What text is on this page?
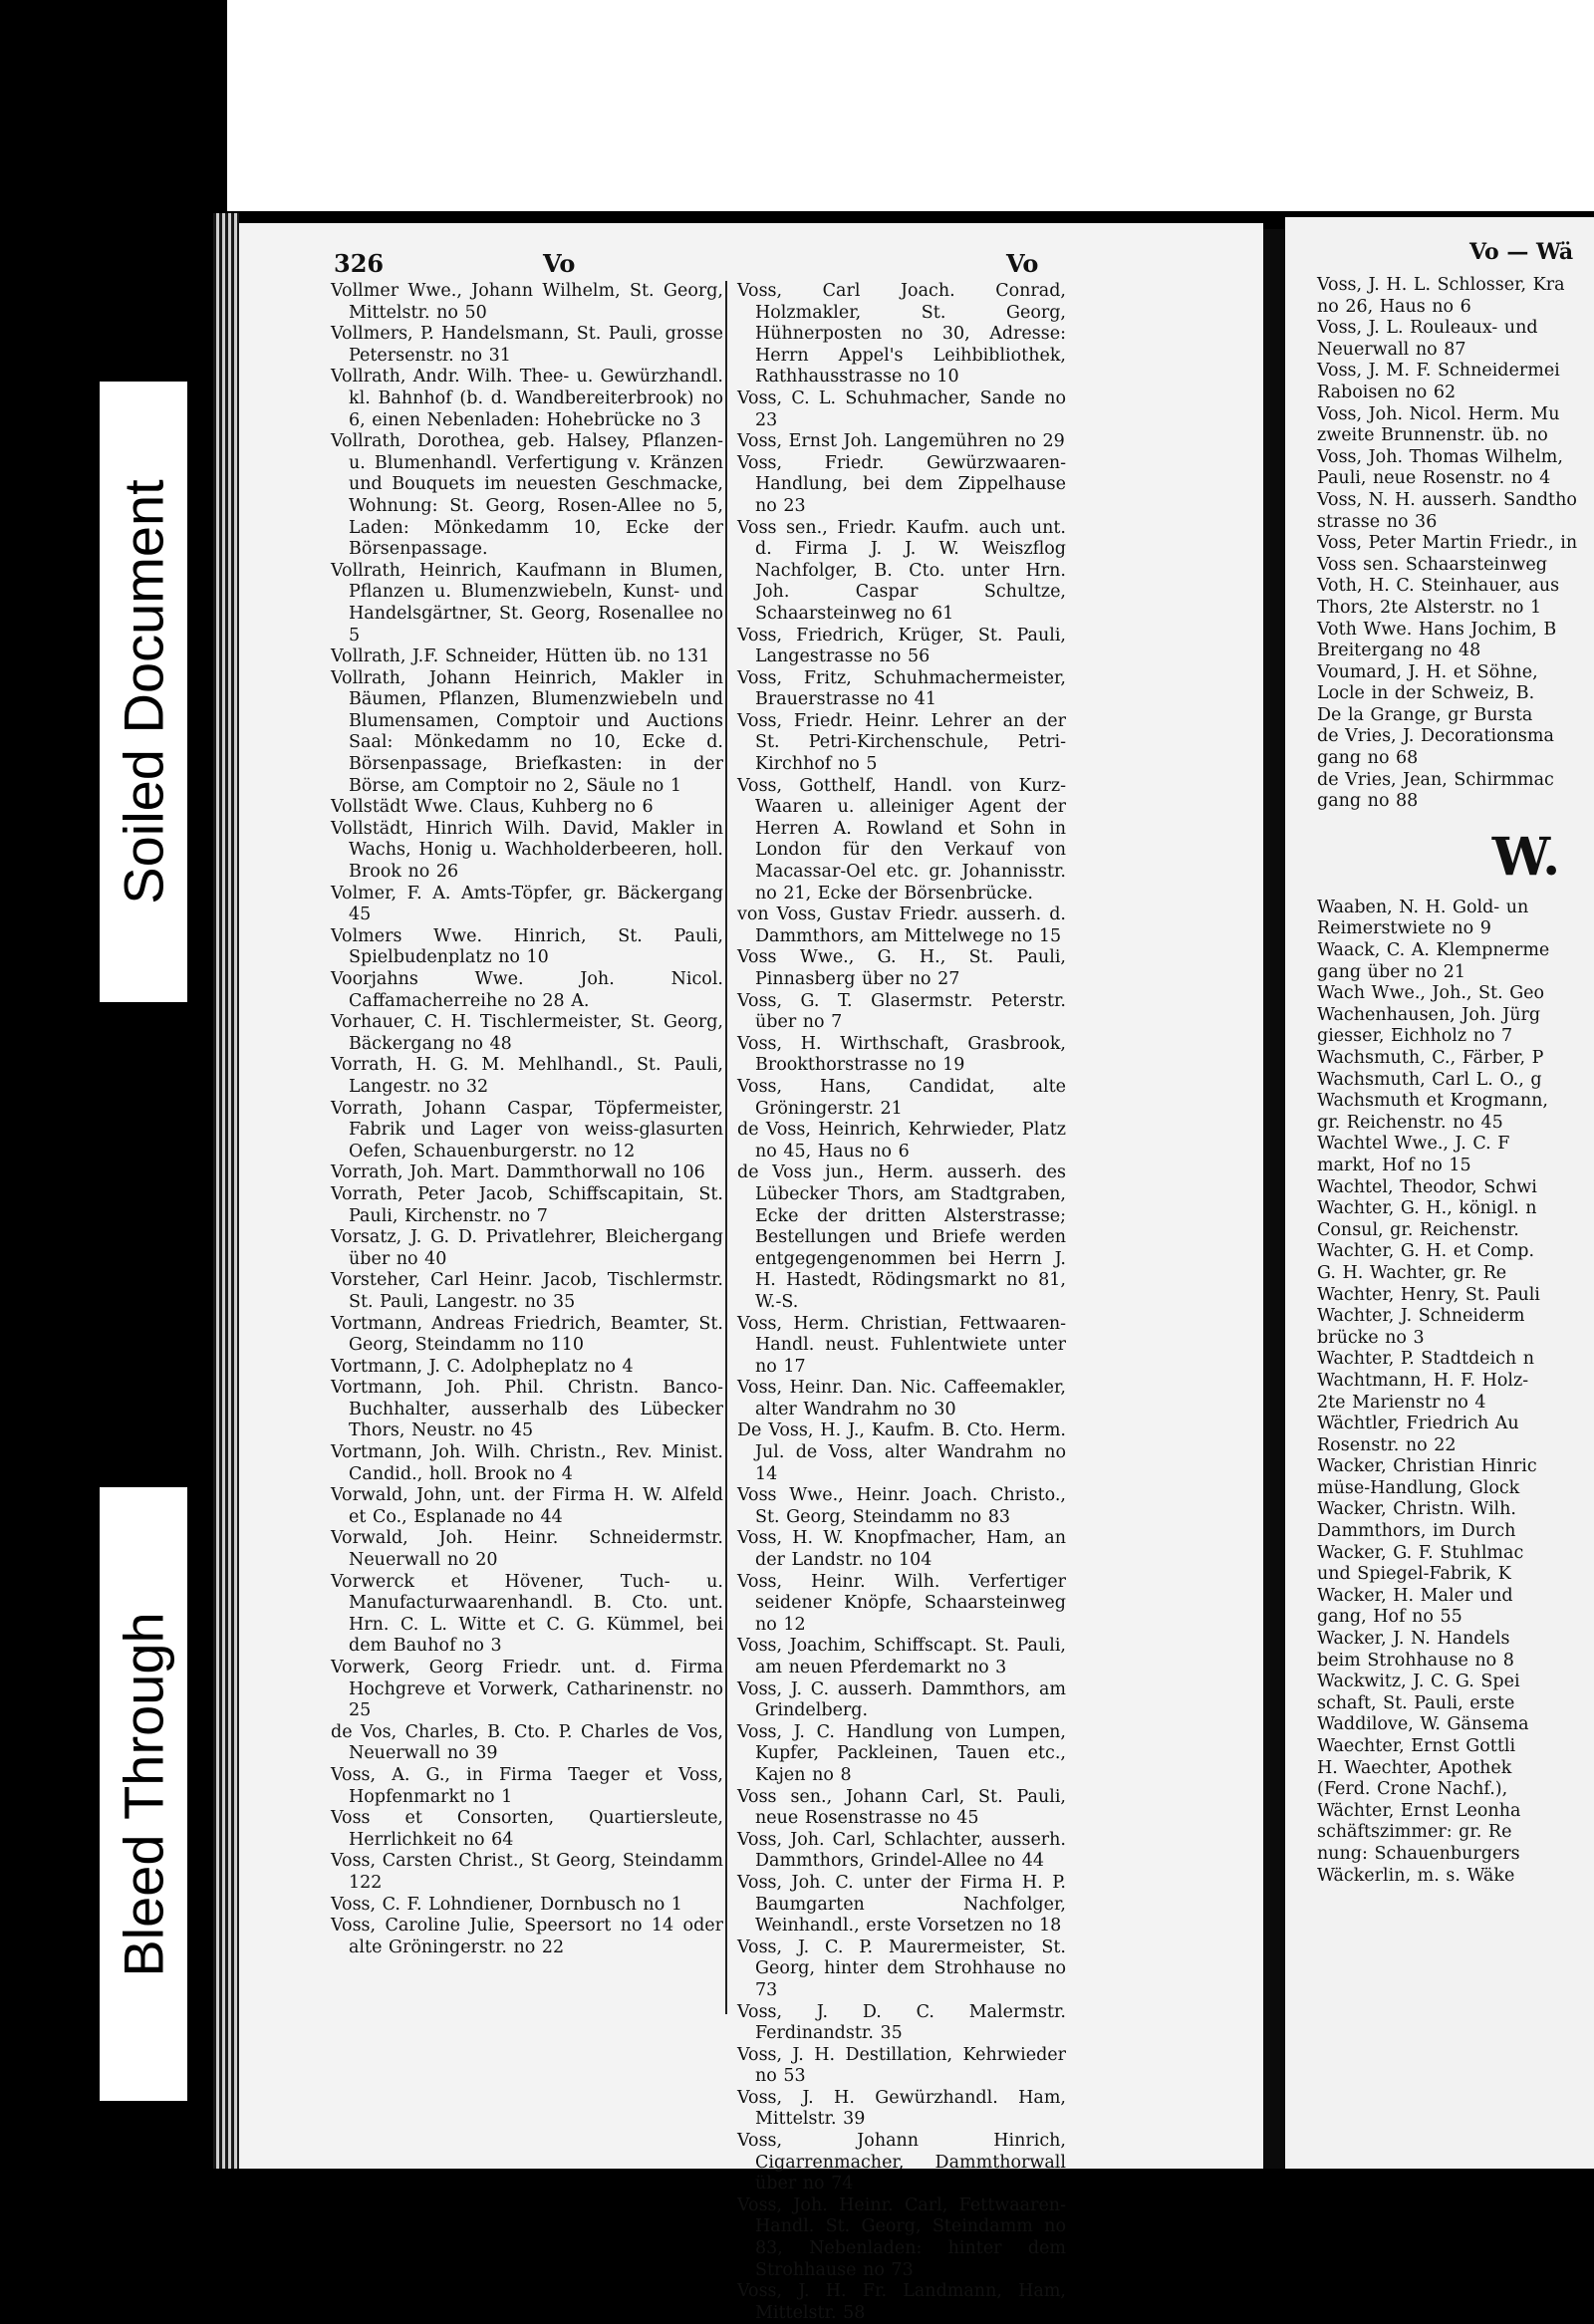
Soiled Document
Bleed Through
326	Vo	Vo

Vollmer Wwe., Johann Wilhelm, St. Georg, Mittelstr. no 50

Vollmers, P. Handelsmann, St. Pauli, grosse Petersenstr. no 31

Vollrath, Andr. Wilh. Thee- u. Gewürzhandl. kl. Bahnhof (b. d. Wandbereiterbrook) no 6, einen Nebenladen: Hohebrücke no 3

Vollrath, Dorothea, geb. Halsey, Pflanzen- u. Blumenhandl. Verfertigung v. Kränzen und Bouquets im neuesten Geschmacke, Wohnung: St. Georg, Rosen-Allee no 5, Laden: Mönkedamm 10, Ecke der Börsenpassage.

Vollrath, Heinrich, Kaufmann in Blumen, Pflanzen u. Blumenzwiebeln, Kunst- und Handelsgärtner, St. Georg, Rosenallee no 5

Vollrath, J.F. Schneider, Hütten üb. no 131

Vollrath, Johann Heinrich, Makler in Bäumen, Pflanzen, Blumenzwiebeln und Blumensamen, Comptoir und Auctions Saal: Mönkedamm no 10, Ecke d. Börsenpassage, Briefkasten: in der Börse, am Comptoir no 2, Säule no 1

Vollstädt Wwe. Claus, Kuhberg no 6

Vollstädt, Hinrich Wilh. David, Makler in Wachs, Honig u. Wachholderbeeren, holl. Brook no 26

Volmer, F. A. Amts-Töpfer, gr. Bäckergang 45

Volmers Wwe. Hinrich, St. Pauli, Spielbudenplatz no 10

Voorjahns Wwe. Joh. Nicol. Caffamacherreihe no 28 A.

Vorhauer, C. H. Tischlermeister, St. Georg, Bäckergang no 48

Vorrath, H. G. M. Mehlhandl., St. Pauli, Langestr. no 32

Vorrath, Johann Caspar, Töpfermeister, Fabrik und Lager von weiss-glasurten Oefen, Schauenburgerstr. no 12

Vorrath, Joh. Mart. Dammthorwall no 106

Vorrath, Peter Jacob, Schiffscapitain, St. Pauli, Kirchenstr. no 7

Vorsatz, J. G. D. Privatlehrer, Bleichergang über no 40

Vorsteher, Carl Heinr. Jacob, Tischlermstr. St. Pauli, Langestr. no 35

Vortmann, Andreas Friedrich, Beamter, St. Georg, Steindamm no 110

Vortmann, J. C. Adolpheplatz no 4

Vortmann, Joh. Phil. Christn. Banco-Buchhalter, ausserhalb des Lübecker Thors, Neustr. no 45

Vortmann, Joh. Wilh. Christn., Rev. Minist. Candid., holl. Brook no 4

Vorwald, John, unt. der Firma H. W. Alfeld et Co., Esplanade no 44

Vorwald, Joh. Heinr. Schneidermstr. Neuerwall no 20

Vorwerck et Hövener, Tuch- u. Manufacturwaarenhandl. B. Cto. unt. Hrn. C. L. Witte et C. G. Kümmel, bei dem Bauhof no 3

Vorwerk, Georg Friedr. unt. d. Firma Hochgreve et Vorwerk, Catharinenstr. no 25

de Vos, Charles, B. Cto. P. Charles de Vos, Neuerwall no 39

Voss, A. G., in Firma Taeger et Voss, Hopfenmarkt no 1

Voss et Consorten, Quartiersleute, Herrlichkeit no 64

Voss, Carsten Christ., St Georg, Steindamm 122

Voss, C. F. Lohndiener, Dornbusch no 1

Voss, Caroline Julie, Speersort no 14 oder alte Gröningerstr. no 22

Voss, Carl Joach. Conrad, Holzmakler, St. Georg, Hühnerposten no 30, Adresse: Herrn Appel's Leihbibliothek, Rathhausstrasse no 10

Voss, C. L. Schuhmacher, Sande no 23

Voss, Ernst Joh. Langemühren no 29

Voss, Friedr. Gewürzwaaren-Handlung, bei dem Zippelhause no 23

Voss sen., Friedr. Kaufm. auch unt. d. Firma J. J. W. Weiszflog Nachfolger, B. Cto. unter Hrn. Joh. Caspar Schultze, Schaarsteinweg no 61

Voss, Friedrich, Krüger, St. Pauli, Langestrasse no 56

Voss, Fritz, Schuhmachermeister, Brauerstrasse no 41

Voss, Friedr. Heinr. Lehrer an der St. Petri-Kirchenschule, Petri-Kirchhof no 5

Voss, Gotthelf, Handl. von Kurz-Waaren u. alleiniger Agent der Herren A. Rowland et Sohn in London für den Verkauf von Macassar-Oel etc. gr. Johannisstr. no 21, Ecke der Börsenbrücke.

von Voss, Gustav Friedr. ausserh. d. Dammthors, am Mittelwege no 15

Voss Wwe., G. H., St. Pauli, Pinnasberg über no 27

Voss, G. T. Glasermstr. Peterstr. über no 7

Voss, H. Wirthschaft, Grasbrook, Brookthorstrasse no 19

Voss, Hans, Candidat, alte Gröningerstr. 21

de Voss, Heinrich, Kehrwieder, Platz no 45, Haus no 6

de Voss jun., Herm. ausserh. des Lübecker Thors, am Stadtgraben, Ecke der dritten Alsterstrasse; Bestellungen und Briefe werden entgegengenommen bei Herrn J. H. Hastedt, Rödingsmarkt no 81, W.-S.

Voss, Herm. Christian, Fettwaaren-Handl. neust. Fuhlentwiete unter no 17

Voss, Heinr. Dan. Nic. Caffeemakler, alter Wandrahm no 30

De Voss, H. J., Kaufm. B. Cto. Herm. Jul. de Voss, alter Wandrahm no 14

Voss Wwe., Heinr. Joach. Christo., St. Georg, Steindamm no 83

Voss, H. W. Knopfmacher, Ham, an der Landstr. no 104

Voss, Heinr. Wilh. Verfertiger seidener Knöpfe, Schaarsteinweg no 12

Voss, Joachim, Schiffscapt. St. Pauli, am neuen Pferdemarkt no 3

Voss, J. C. ausserh. Dammthors, am Grindelberg.

Voss, J. C. Handlung von Lumpen, Kupfer, Packleinen, Tauen etc., Kajen no 8

Voss sen., Johann Carl, St. Pauli, neue Rosenstrasse no 45

Voss, Joh. Carl, Schlachter, ausserh. Dammthors, Grindel-Allee no 44

Voss, Joh. C. unter der Firma H. P. Baumgarten Nachfolger, Weinhandl., erste Vorsetzen no 18

Voss, J. C. P. Maurermeister, St. Georg, hinter dem Strohhause no 73

Voss, J. D. C. Malermstr. Ferdinandstr. 35

Voss, J. H. Destillation, Kehrwieder no 53

Voss, J. H. Gewürzhandl. Ham, Mittelstr. 39

Voss, Johann Hinrich, Cigarrenmacher, Dammthorwall über no 74

Voss, Joh. Heinr. Carl, Fettwaaren-Handl. St. Georg, Steindamm no 83, Nebenladen: hinter dem Strohhause no 73

Voss, J. H. Fr. Landmann, Ham, Mittelstr. 58

Vo — Wä

Voss, J. H. L. Schlosser, Kra

no 26, Haus no 6

Voss, J. L. Rouleaux- und

Neuerwall no 87

Voss, J. M. F. Schneidermei

Raboisen no 62

Voss, Joh. Nicol. Herm. Mu

zweite Brunnenstr. üb. no

Voss, Joh. Thomas Wilhelm,

Pauli, neue Rosenstr. no 4

Voss, N. H. ausserh. Sandtho

strasse no 36

Voss, Peter Martin Friedr., in

Voss sen. Schaarsteinweg

Voth, H. C. Steinhauer, aus

Thors, 2te Alsterstr. no 1

Voth Wwe. Hans Jochim, B

Breitergang no 48

Voumard, J. H. et Söhne,

Locle in der Schweiz, B.

De la Grange, gr Bursta

de Vries, J. Decorationsma

gang no 68

de Vries, Jean, Schirmmac

gang no 88

W.

Waaben, N. H. Gold- un

Reimerstwiete no 9

Waack, C. A. Klempnerme

gang über no 21

Wach Wwe., Joh., St. Geo

Wachenhausen, Joh. Jürg

giesser, Eichholz no 7

Wachsmuth, C., Färber, P

Wachsmuth, Carl L. O., g

Wachsmuth et Krogmann,

gr. Reichenstr. no 45

Wachtel Wwe., J. C. F

markt, Hof no 15

Wachtel, Theodor, Schwi

Wachter, G. H., königl. n

Consul, gr. Reichenstr.

Wachter, G. H. et Comp.

G. H. Wachter, gr. Re

Wachter, Henry, St. Pauli

Wachter, J. Schneiderm

brücke no 3

Wachter, P. Stadtdeich n

Wachtmann, H. F. Holz-

2te Marienstr no 4

Wächtler, Friedrich Au

Rosenstr. no 22

Wacker, Christian Hinric

müse-Handlung, Glock

Wacker, Christn. Wilh.

Dammthors, im Durch

Wacker, G. F. Stuhlmac

und Spiegel-Fabrik, K

Wacker, H. Maler und

gang, Hof no 55

Wacker, J. N. Handels

beim Strohhause no 8

Wackwitz, J. C. G. Spei

schaft, St. Pauli, erste

Waddilove, W. Gänsema

Waechter, Ernst Gottli

H. Waechter, Apothek

(Ferd. Crone Nachf.),

Wächter, Ernst Leonha

schäftszimmer: gr. Re

nung: Schauenburgers

Wäckerlin, m. s. Wäke
